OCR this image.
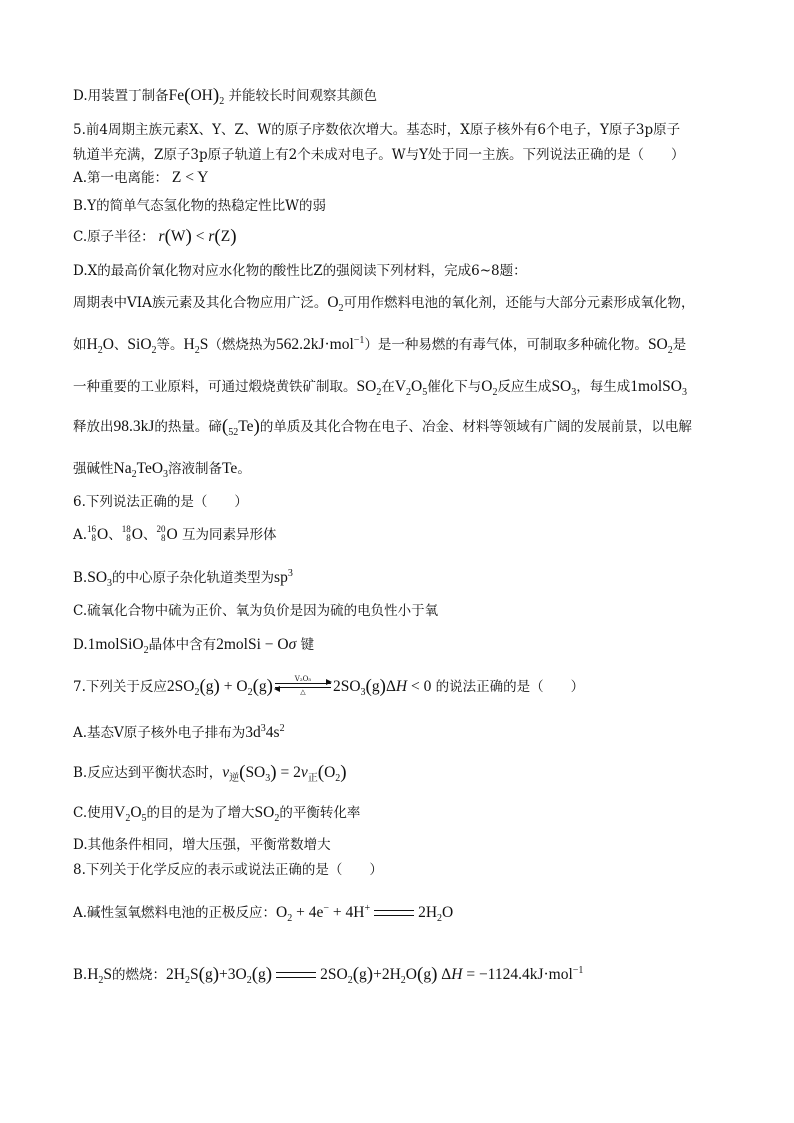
D.用装置丁制备$Fe(OH)_2$ 并能较长时间观察其颜色
5.前4周期主族元素X、Y、Z、W的原子序数依次增大。基态时，X原子核外有6个电子，Y原子3p原子
轨道半充满，Z原子3p原子轨道上有2个未成对电子。W与Y处于同一主族。下列说法正确的是（　　）
A.第一电离能： Z < Y
B.Y的简单气态氢化物的热稳定性比W的弱
C.原子半径： r(W) < r(Z)
D.X的最高价氧化物对应水化物的酸性比Z的强阅读下列材料，完成6~8题：
周期表中VIA族元素及其化合物应用广泛。$O_2$可用作燃料电池的氧化剂，还能与大部分元素形成氧化物，
如$H_2O$、SiO$_2$等。$H_2S$（燃烧热为562.2kJ·mol$^{-1}$）是一种易燃的有毒气体，可制取多种硫化物。$SO_2$是
一种重要的工业原料，可通过煅烧黄铁矿制取。$SO_2$在$V_2O_5$催化下与$O_2$反应生成$SO_3$，每生成1molSO$_3$
释放出98.3kJ的热量。碲$(_{52}Te)$的单质及其化合物在电子、冶金、材料等领域有广阔的发展前景，以电解
强碱性$Na_2TeO_3$溶液制备Te。
6.下列说法正确的是（　　）
A. 16
8 O、 18
8 O、 20
8 O 互为同素异形体
$B.SO_3$的中心原子杂化轨道类型为$sp^3$
C.硫氧化合物中硫为正价、氧为负价是因为硫的电负性小于氧
D.1molSiO$_2$晶体中含有2molSi − Oσ 键
7.下列关于反应$2SO_2(g) + O_2(g)$	V₂O₅
△ $2SO_3(g)\Delta H < 0$ 的说法正确的是（　　）
A.基态V原子核外电子排布为$3d^34s^2$
B.反应达到平衡状态时，$v_逆(SO_3) = 2v_正(O_2)$
C.使用$V_2O_5$的目的是为了增大$SO_2$的平衡转化率
D.其他条件相同，增大压强，平衡常数增大
8.下列关于化学反应的表示或说法正确的是（　　）
A.碱性氢氧燃料电池的正极反应：$O_2 + 4e^- + 4H^+$	$2H_2O$
$B.H_2S$的燃烧：$2H_2S(g)+3O_2(g)$	$2SO_2(g)+2H_2O(g) \Delta H = -1124.4kJ\cdot mol^{-1}$
